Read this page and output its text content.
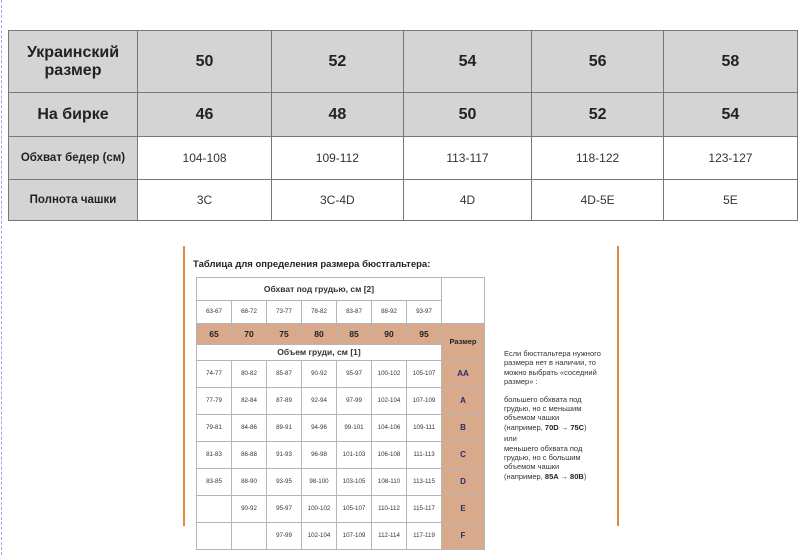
Украинский размер	50	52	54	56	58
На бирке	46	48	50	52	54
Обхват бедер (см)	104-108	109-112	113-117	118-122	123-127
Полнота чашки	3C	3C-4D	4D	4D-5E	5E
Таблица для определения размера бюстгальтера:
Обхват под грудью, см [2]							
63-67	68-72	73-77	78-82	83-87	88-92	93-97	
65	70	75	80	85	90	95	Размер
Объем груди, см [1]							
74-77	80-82	85-87	90-92	95-97	100-102	105-107	AA
77-79	82-84	87-89	92-94	97-99	102-104	107-109	A
79-81	84-86	89-91	94-96	99-101	104-106	109-111	B
81-83	86-88	91-93	96-98	101-103	106-108	111-113	C
83-85	88-90	93-95	98-100	103-105	108-110	113-115	D
	90-92	95-97	100-102	105-107	110-112	115-117	E
		97-99	102-104	107-109	112-114	117-119	F
Если бюстгальтера нужного размера нет в наличии, то можно выбрать «соседний размер» :
большего обхвата под грудью, но с меньшим объемом чашки
(например, 70D → 75C)
или
меньшего обхвата под грудью, но с большим объемом чашки
(например, 85A → 80B)
